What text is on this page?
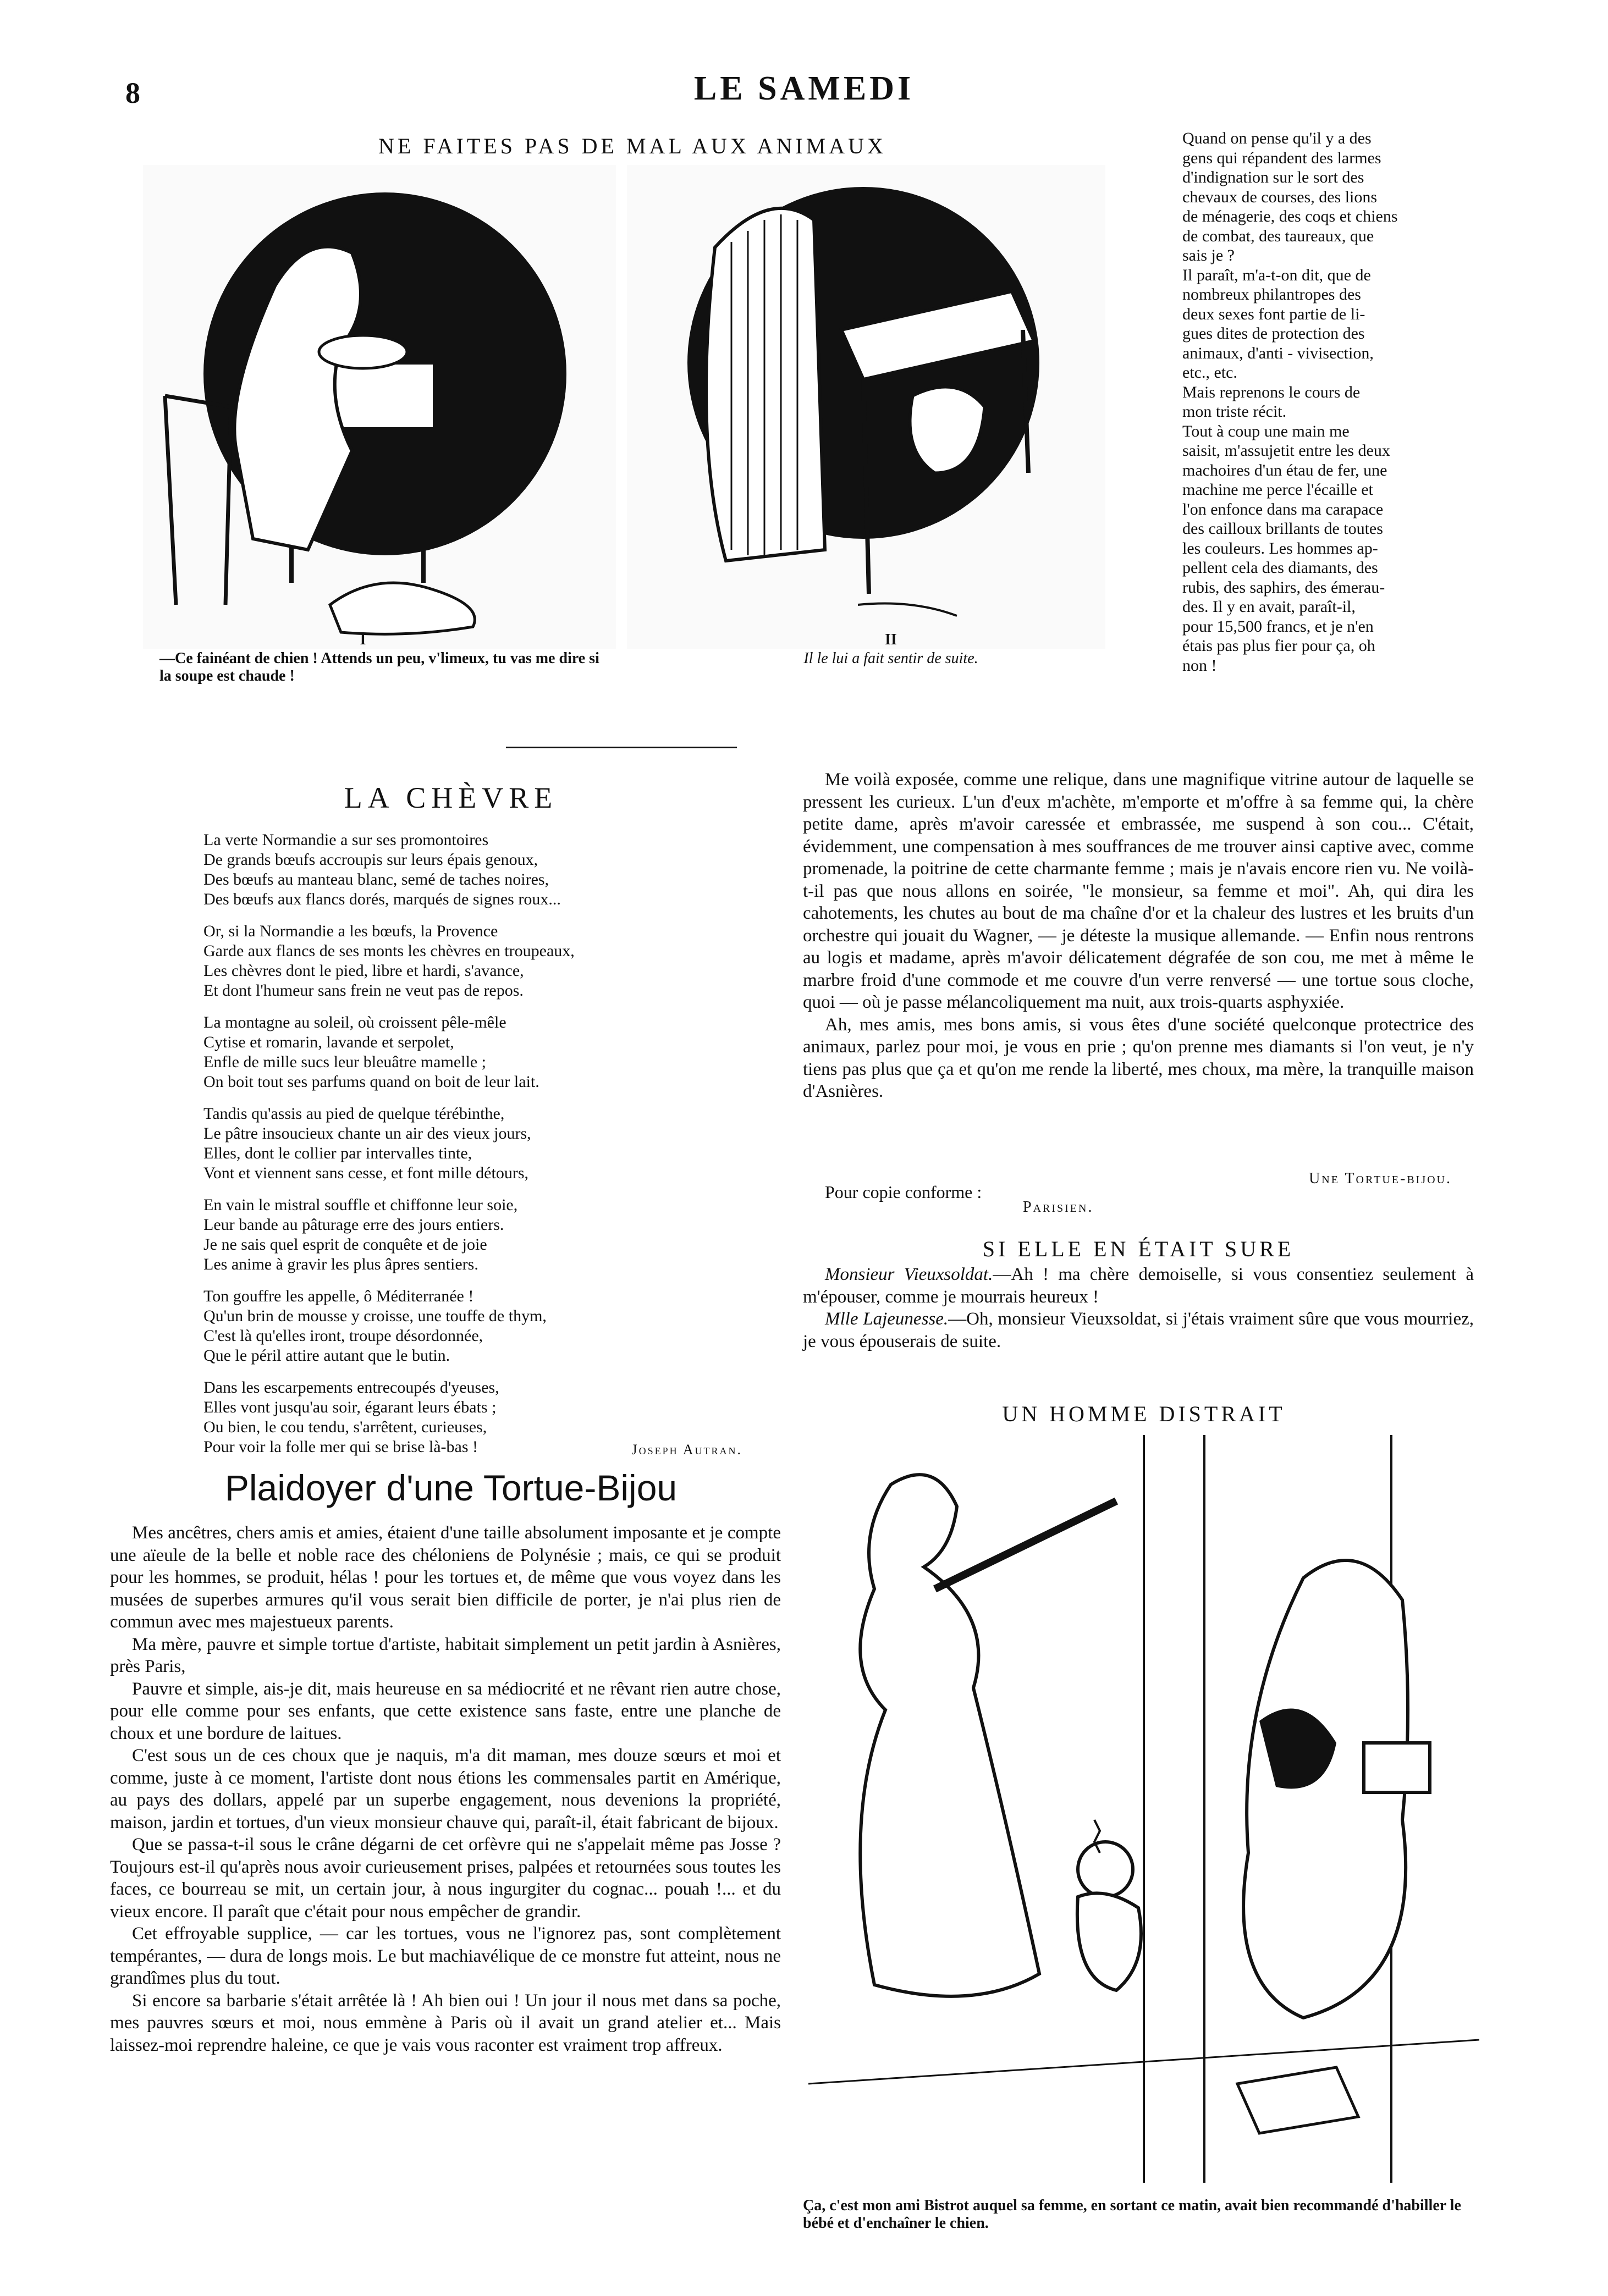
8	LE SAMEDI
NE FAITES PAS DE MAL AUX ANIMAUX
I
—Ce fainéant de chien ! Attends un peu, v'limeux, tu vas me dire si la soupe est chaude !
II
Il le lui a fait sentir de suite.
Quand on pense qu'il y a des
gens qui répandent des larmes
d'indignation sur le sort des
chevaux de courses, des lions
de ménagerie, des coqs et chiens
de combat, des taureaux, que
sais je ?
Il paraît, m'a-t-on dit, que de
nombreux philantropes des
deux sexes font partie de li-
gues dites de protection des
animaux, d'anti - vivisection,
etc., etc.
Mais reprenons le cours de
mon triste récit.
Tout à coup une main me
saisit, m'assujetit entre les deux
machoires d'un étau de fer, une
machine me perce l'écaille et
l'on enfonce dans ma carapace
des cailloux brillants de toutes
les couleurs. Les hommes ap-
pellent cela des diamants, des
rubis, des saphirs, des émerau-
des. Il y en avait, paraît-il,
pour 15,500 francs, et je n'en
étais pas plus fier pour ça, oh
non !
LA CHÈVRE
La verte Normandie a sur ses promontoires
De grands bœufs accroupis sur leurs épais genoux,
Des bœufs au manteau blanc, semé de taches noires,
Des bœufs aux flancs dorés, marqués de signes roux...
Or, si la Normandie a les bœufs, la Provence
Garde aux flancs de ses monts les chèvres en troupeaux,
Les chèvres dont le pied, libre et hardi, s'avance,
Et dont l'humeur sans frein ne veut pas de repos.
La montagne au soleil, où croissent pêle-mêle
Cytise et romarin, lavande et serpolet,
Enfle de mille sucs leur bleuâtre mamelle ;
On boit tout ses parfums quand on boit de leur lait.
Tandis qu'assis au pied de quelque térébinthe,
Le pâtre insoucieux chante un air des vieux jours,
Elles, dont le collier par intervalles tinte,
Vont et viennent sans cesse, et font mille détours,
En vain le mistral souffle et chiffonne leur soie,
Leur bande au pâturage erre des jours entiers.
Je ne sais quel esprit de conquête et de joie
Les anime à gravir les plus âpres sentiers.
Ton gouffre les appelle, ô Méditerranée !
Qu'un brin de mousse y croisse, une touffe de thym,
C'est là qu'elles iront, troupe désordonnée,
Que le péril attire autant que le butin.
Dans les escarpements entrecoupés d'yeuses,
Elles vont jusqu'au soir, égarant leurs ébats ;
Ou bien, le cou tendu, s'arrêtent, curieuses,
Pour voir la folle mer qui se brise là-bas !	Joseph Autran.
Plaidoyer d'une Tortue-Bijou

Mes ancêtres, chers amis et amies, étaient d'une taille absolument imposante et je compte une aïeule de la belle et noble race des chéloniens de Polynésie ; mais, ce qui se produit pour les hommes, se produit, hélas ! pour les tortues et, de même que vous voyez dans les musées de superbes armures qu'il vous serait bien difficile de porter, je n'ai plus rien de commun avec mes majestueux parents.

Ma mère, pauvre et simple tortue d'artiste, habitait simplement un petit jardin à Asnières, près Paris,

Pauvre et simple, ais-je dit, mais heureuse en sa médiocrité et ne rêvant rien autre chose, pour elle comme pour ses enfants, que cette existence sans faste, entre une planche de choux et une bordure de laitues.

C'est sous un de ces choux que je naquis, m'a dit maman, mes douze sœurs et moi et comme, juste à ce moment, l'artiste dont nous étions les commensales partit en Amérique, au pays des dollars, appelé par un superbe engagement, nous devenions la propriété, maison, jardin et tortues, d'un vieux monsieur chauve qui, paraît-il, était fabricant de bijoux.

Que se passa-t-il sous le crâne dégarni de cet orfèvre qui ne s'appelait même pas Josse ? Toujours est-il qu'après nous avoir curieusement prises, palpées et retournées sous toutes les faces, ce bourreau se mit, un certain jour, à nous ingurgiter du cognac... pouah !... et du vieux encore. Il paraît que c'était pour nous empêcher de grandir.

Cet effroyable supplice, — car les tortues, vous ne l'ignorez pas, sont complètement tempérantes, — dura de longs mois. Le but machiavélique de ce monstre fut atteint, nous ne grandîmes plus du tout.

Si encore sa barbarie s'était arrêtée là ! Ah bien oui ! Un jour il nous met dans sa poche, mes pauvres sœurs et moi, nous emmène à Paris où il avait un grand atelier et... Mais laissez-moi reprendre haleine, ce que je vais vous raconter est vraiment trop affreux.

Me voilà exposée, comme une relique, dans une magnifique vitrine autour de laquelle se pressent les curieux. L'un d'eux m'achète, m'emporte et m'offre à sa femme qui, la chère petite dame, après m'avoir caressée et embrassée, me suspend à son cou... C'était, évidemment, une compensation à mes souffrances de me trouver ainsi captive avec, comme promenade, la poitrine de cette charmante femme ; mais je n'avais encore rien vu. Ne voilà-t-il pas que nous allons en soirée, "le monsieur, sa femme et moi". Ah, qui dira les cahotements, les chutes au bout de ma chaîne d'or et la chaleur des lustres et les bruits d'un orchestre qui jouait du Wagner, — je déteste la musique allemande. — Enfin nous rentrons au logis et madame, après m'avoir délicatement dégrafée de son cou, me met à même le marbre froid d'une commode et me couvre d'un verre renversé — une tortue sous cloche, quoi — où je passe mélancoliquement ma nuit, aux trois-quarts asphyxiée.

Ah, mes amis, mes bons amis, si vous êtes d'une société quelconque protectrice des animaux, parlez pour moi, je vous en prie ; qu'on prenne mes diamants si l'on veut, je n'y tiens pas plus que ça et qu'on me rende la liberté, mes choux, ma mère, la tranquille maison d'Asnières.

Une Tortue-bijou.
Pour copie conforme :
Parisien.
SI ELLE EN ÉTAIT SURE

Monsieur Vieuxsoldat.—Ah ! ma chère demoiselle, si vous consentiez seulement à m'épouser, comme je mourrais heureux !

Mlle Lajeunesse.—Oh, monsieur Vieuxsoldat, si j'étais vraiment sûre que vous mourriez, je vous épouserais de suite.

UN HOMME DISTRAIT
Ça, c'est mon ami Bistrot auquel sa femme, en sortant ce matin, avait bien recommandé d'habiller le bébé et d'enchaîner le chien.
